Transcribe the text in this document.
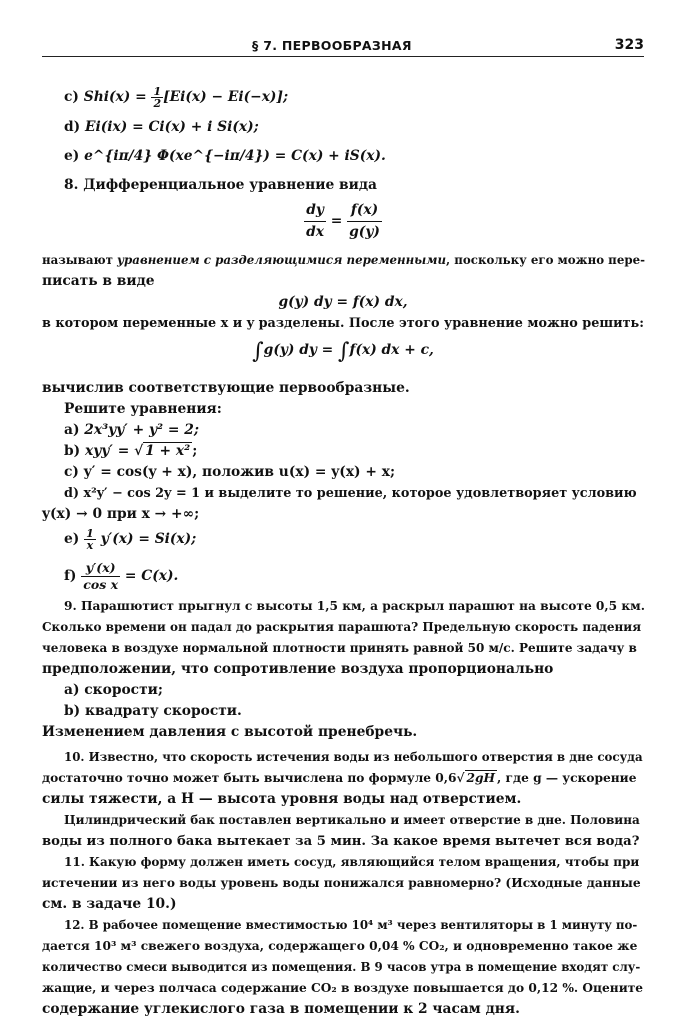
§ 7. ПЕРВООБРАЗНАЯ	323
c) $Shi(x) = \frac{1}{2} [Ei(x) - Ei(-x)]$;
d) Ei(ix) = Ci(x) + i Si(x);
e) e^{iπ/4} Φ(xe^{−iπ/4}) = C(x) + iS(x).
8. Дифференциальное уравнение вида
$\frac{dy}{dx} = \frac{f(x)}{g(y)}$
называют уравнением с разделяющимися переменными, поскольку его можно пере-
писать в виде
g(y) dy = f(x) dx,
в котором переменные x и y разделены. После этого уравнение можно решить:
∫g(y) dy = ∫f(x) dx + c,
вычислив соответствующие первообразные.
Решите уравнения:
a) 2x³yy′ + y² = 2;
b) xyy′ = √ 1 + x² ;
c) y′ = cos(y + x), положив u(x) = y(x) + x;
d) x²y′ − cos 2y = 1 и выделите то решение, которое удовлетворяет условию
y(x) → 0 при x → +∞;
$e) \frac{1}{x} y'(x) = Si(x)$;
$f) \frac{y'(x)}{\text{cos x}} = C(x)$.
9. Парашютист прыгнул с высоты 1,5 км, а раскрыл парашют на высоте 0,5 км.
Сколько времени он падал до раскрытия парашюта? Предельную скорость падения
человека в воздухе нормальной плотности принять равной 50 м/с. Решите задачу в
предположении, что сопротивление воздуха пропорционально
a) скорости;
b) квадрату скорости.
Изменением давления с высотой пренебречь.
10. Известно, что скорость истечения воды из небольшого отверстия в дне сосуда
достаточно точно может быть вычислена по формуле 0,6√ 2gH , где g — ускорение
силы тяжести, а H — высота уровня воды над отверстием.
Цилиндрический бак поставлен вертикально и имеет отверстие в дне. Половина
воды из полного бака вытекает за 5 мин. За какое время вытечет вся вода?
11. Какую форму должен иметь сосуд, являющийся телом вращения, чтобы при
истечении из него воды уровень воды понижался равномерно? (Исходные данные
см. в задаче 10.)
12. В рабочее помещение вместимостью 10⁴ м³ через вентиляторы в 1 минуту по-
дается 10³ м³ свежего воздуха, содержащего 0,04 % CO₂, и одновременно такое же
количество смеси выводится из помещения. В 9 часов утра в помещение входят слу-
жащие, и через полчаса содержание CO₂ в воздухе повышается до 0,12 %. Оцените
содержание углекислого газа в помещении к 2 часам дня.
